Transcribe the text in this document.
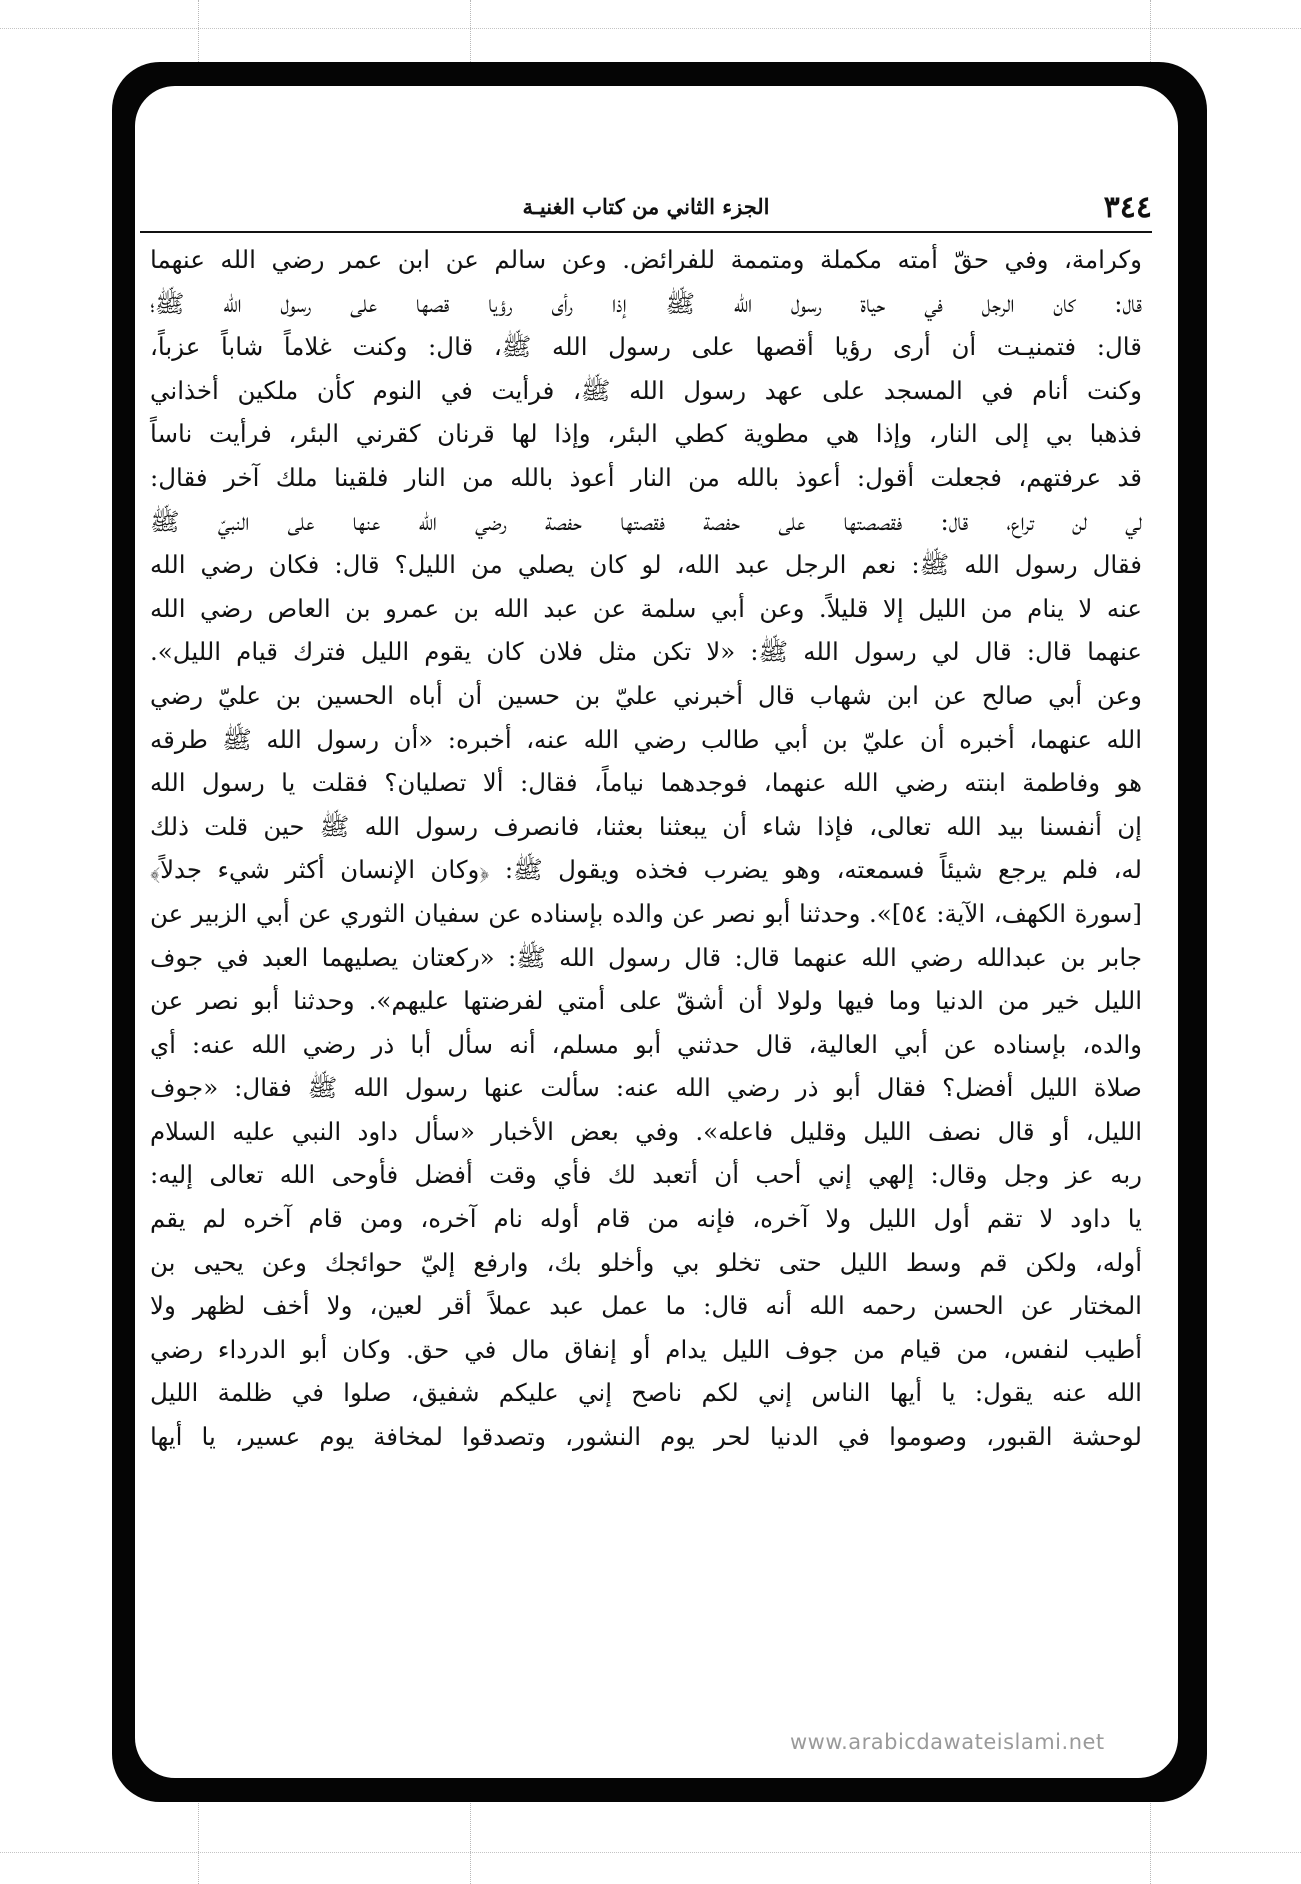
٣٤٤
الجزء الثاني من كتاب الغنيـة
وكرامة، وفي حقّ أمته مكملة ومتممة للفرائض. وعن سالم عن ابن عمر رضي الله عنهما
قال: كان الرجل في حياة رسول الله ﷺ إذا رأى رؤيا قصها على رسول الله ﷺ؛
قال: فتمنيـت أن أرى رؤيا أقصها على رسول الله ﷺ، قال: وكنت غلاماً شاباً عزباً،
وكنت أنام في المسجد على عهد رسول الله ﷺ، فرأيت في النوم كأن ملكين أخذاني
فذهبا بي إلى النار، وإذا هي مطوية كطي البئر، وإذا لها قرنان كقرني البئر، فرأيت ناساً
قد عرفتهم، فجعلت أقول: أعوذ بالله من النار أعوذ بالله من النار فلقينا ملك آخر فقال:
لي لن تراع، قال: فقصصتها على حفصة فقصتها حفصة رضي الله عنها على النبيّ ﷺ
فقال رسول الله ﷺ: نعم الرجل عبد الله، لو كان يصلي من الليل؟ قال: فكان رضي الله
عنه لا ينام من الليل إلا قليلاً. وعن أبي سلمة عن عبد الله بن عمرو بن العاص رضي الله
عنهما قال: قال لي رسول الله ﷺ: «لا تكن مثل فلان كان يقوم الليل فترك قيام الليل».
وعن أبي صالح عن ابن شهاب قال أخبرني عليّ بن حسين أن أباه الحسين بن عليّ رضي
الله عنهما، أخبره أن عليّ بن أبي طالب رضي الله عنه، أخبره: «أن رسول الله ﷺ طرقه
هو وفاطمة ابنته رضي الله عنهما، فوجدهما نياماً، فقال: ألا تصليان؟ فقلت يا رسول الله
إن أنفسنا بيد الله تعالى، فإذا شاء أن يبعثنا بعثنا، فانصرف رسول الله ﷺ حين قلت ذلك
له، فلم يرجع شيئاً فسمعته، وهو يضرب فخذه ويقول ﷺ: ﴿وكان الإنسان أكثر شيء جدلاً﴾
[سورة الكهف، الآية: ٥٤]». وحدثنا أبو نصر عن والده بإسناده عن سفيان الثوري عن أبي الزبير عن
جابر بن عبدالله رضي الله عنهما قال: قال رسول الله ﷺ: «ركعتان يصليهما العبد في جوف
الليل خير من الدنيا وما فيها ولولا أن أشقّ على أمتي لفرضتها عليهم». وحدثنا أبو نصر عن
والده، بإسناده عن أبي العالية، قال حدثني أبو مسلم، أنه سأل أبا ذر رضي الله عنه: أي
صلاة الليل أفضل؟ فقال أبو ذر رضي الله عنه: سألت عنها رسول الله ﷺ فقال: «جوف
الليل، أو قال نصف الليل وقليل فاعله». وفي بعض الأخبار «سأل داود النبي عليه السلام
ربه عز وجل وقال: إلهي إني أحب أن أتعبد لك فأي وقت أفضل فأوحى الله تعالى إليه:
يا داود لا تقم أول الليل ولا آخره، فإنه من قام أوله نام آخره، ومن قام آخره لم يقم
أوله، ولكن قم وسط الليل حتى تخلو بي وأخلو بك، وارفع إليّ حوائجك وعن يحيى بن
المختار عن الحسن رحمه الله أنه قال: ما عمل عبد عملاً أقر لعين، ولا أخف لظهر ولا
أطيب لنفس، من قيام من جوف الليل يدام أو إنفاق مال في حق. وكان أبو الدرداء رضي
الله عنه يقول: يا أيها الناس إني لكم ناصح إني عليكم شفيق، صلوا في ظلمة الليل
لوحشة القبور، وصوموا في الدنيا لحر يوم النشور، وتصدقوا لمخافة يوم عسير، يا أيها
www.arabicdawateislami.net
